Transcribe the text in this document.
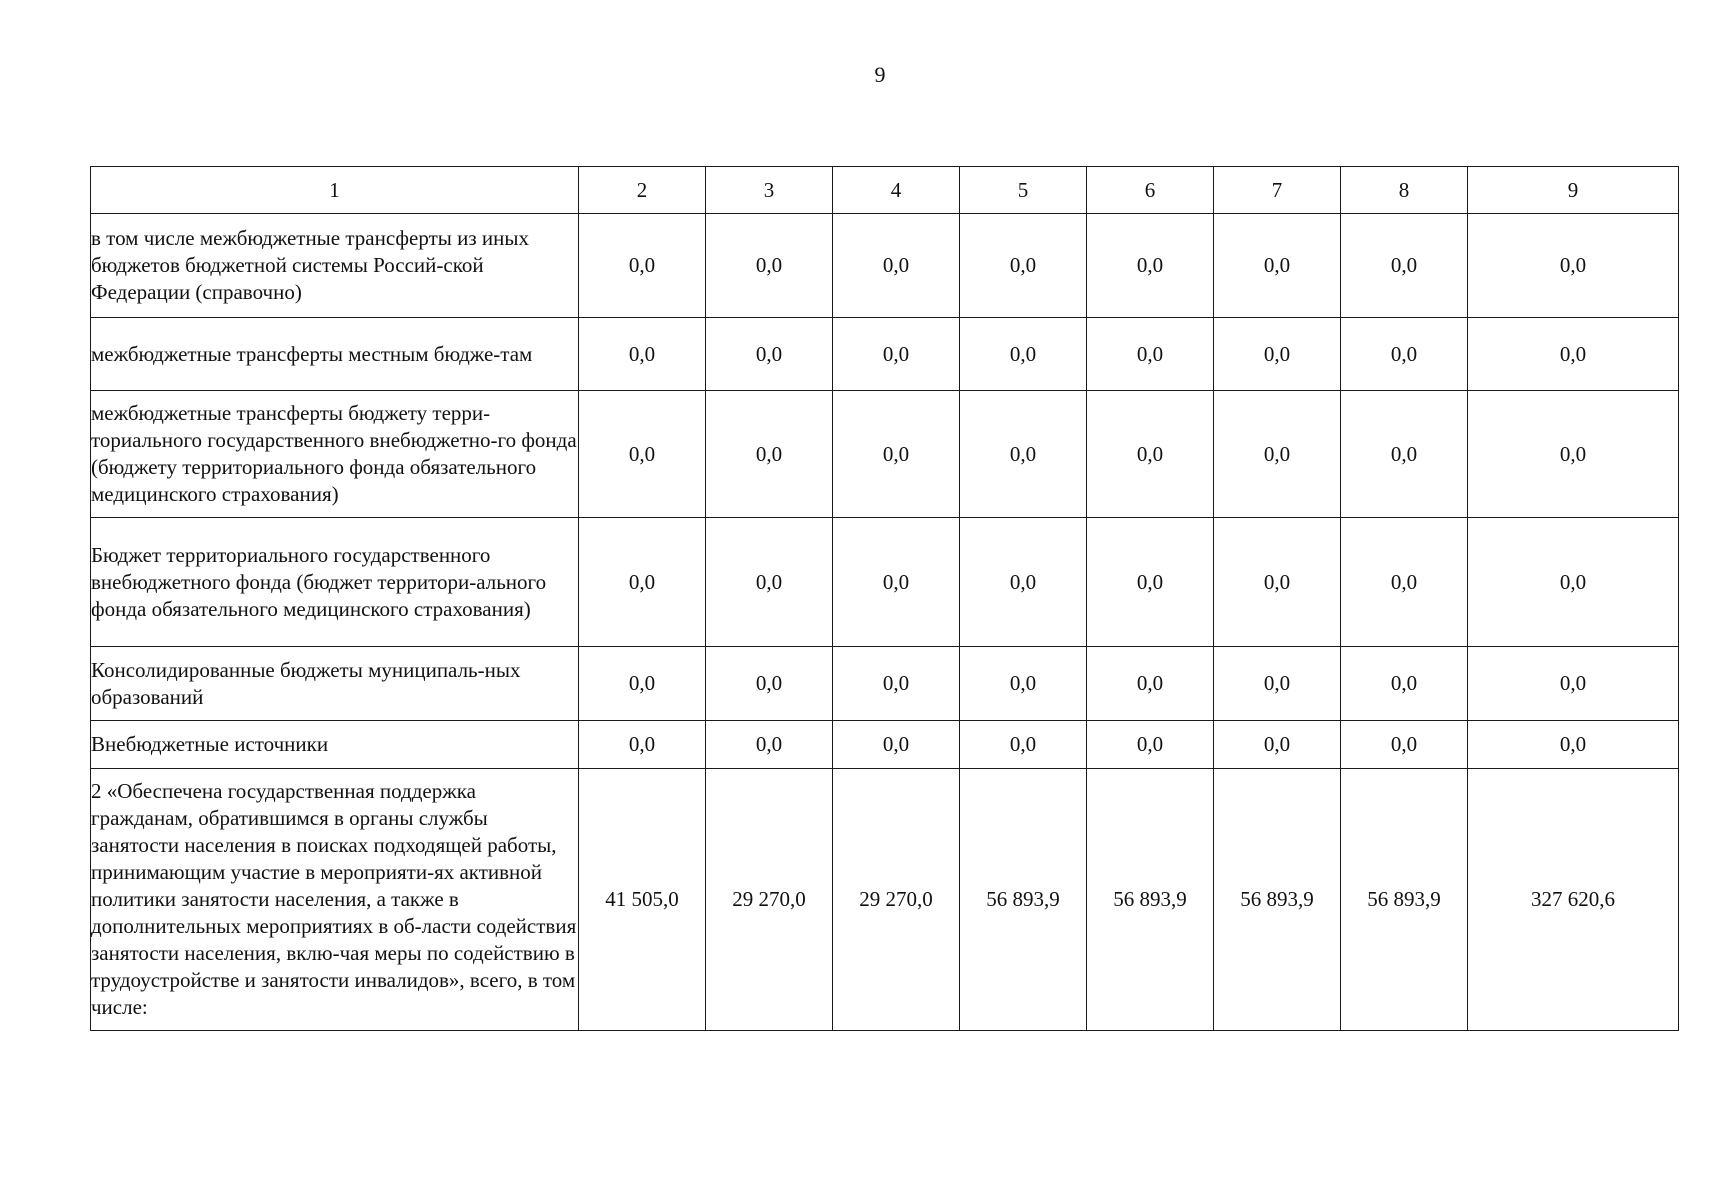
9
1	2	3	4	5	6	7	8	9
в том числе межбюджетные трансферты из иных бюджетов бюджетной системы Россий-ской Федерации (справочно)	0,0	0,0	0,0	0,0	0,0	0,0	0,0	0,0
межбюджетные трансферты местным бюдже-там	0,0	0,0	0,0	0,0	0,0	0,0	0,0	0,0
межбюджетные трансферты бюджету терри-ториального государственного внебюджетно-го фонда (бюджету территориального фонда обязательного медицинского страхования)	0,0	0,0	0,0	0,0	0,0	0,0	0,0	0,0
Бюджет территориального государственного внебюджетного фонда (бюджет территори-ального фонда обязательного медицинского страхования)	0,0	0,0	0,0	0,0	0,0	0,0	0,0	0,0
Консолидированные бюджеты муниципаль-ных образований	0,0	0,0	0,0	0,0	0,0	0,0	0,0	0,0
Внебюджетные источники	0,0	0,0	0,0	0,0	0,0	0,0	0,0	0,0
2 «Обеспечена государственная поддержка гражданам, обратившимся в органы службы занятости населения в поисках подходящей работы, принимающим участие в мероприяти-ях активной политики занятости населения, а также в дополнительных мероприятиях в об-ласти содействия занятости населения, вклю-чая меры по содействию в трудоустройстве и занятости инвалидов», всего, в том числе:	41 505,0	29 270,0	29 270,0	56 893,9	56 893,9	56 893,9	56 893,9	327 620,6
